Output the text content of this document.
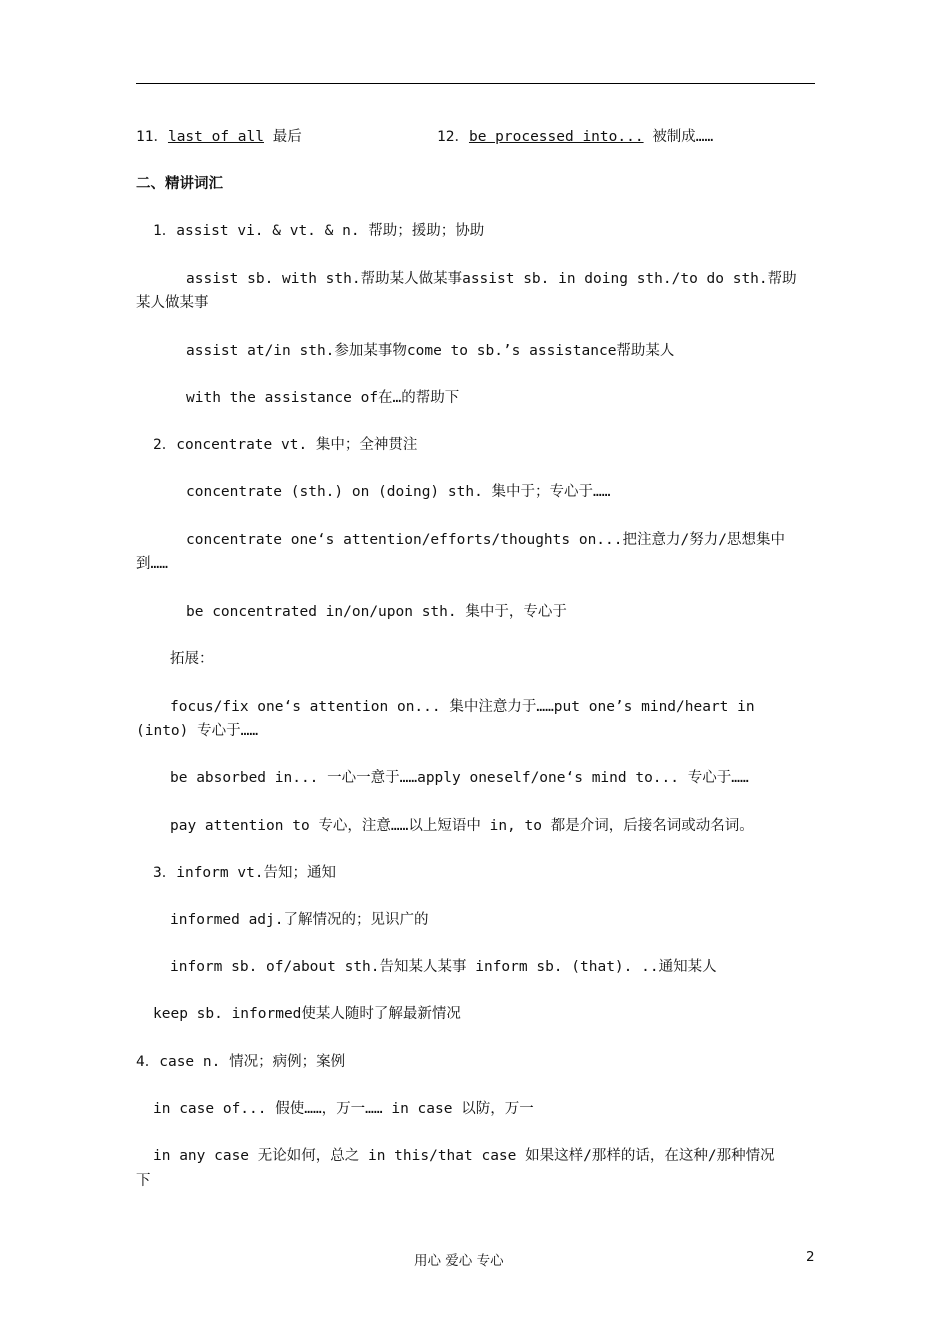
11．last of all 最后	12．be processed into... 被制成……
二、精讲词汇
1．assist vi. & vt. & n. 帮助；援助；协助
assist sb. with sth.帮助某人做某事assist sb. in doing sth./to do sth.帮助
某人做某事
assist at/in sth.参加某事物come to sb.’s assistance帮助某人
with the assistance of在…的帮助下
2．concentrate vt. 集中；全神贯注
concentrate (sth.) on (doing) sth. 集中于；专心于……
concentrate one‘s attention/efforts/thoughts on...把注意力/努力/思想集中
到……
be concentrated in/on/upon sth. 集中于，专心于
拓展：
focus/fix one‘s attention on... 集中注意力于……put one’s mind/heart in
(into) 专心于……
be absorbed in... 一心一意于……apply oneself/one‘s mind to... 专心于……
pay attention to 专心，注意……以上短语中 in, to 都是介词，后接名词或动名词。
3．inform vt.告知；通知
informed adj.了解情况的；见识广的
inform sb. of/about sth.告知某人某事 inform sb. (that). ..通知某人
keep sb. informed使某人随时了解最新情况
4．case n. 情况；病例；案例
in case of... 假使……，万一…… in case 以防，万一
in any case 无论如何，总之 in this/that case 如果这样/那样的话，在这种/那种情况
下
用心 爱心 专心	2
